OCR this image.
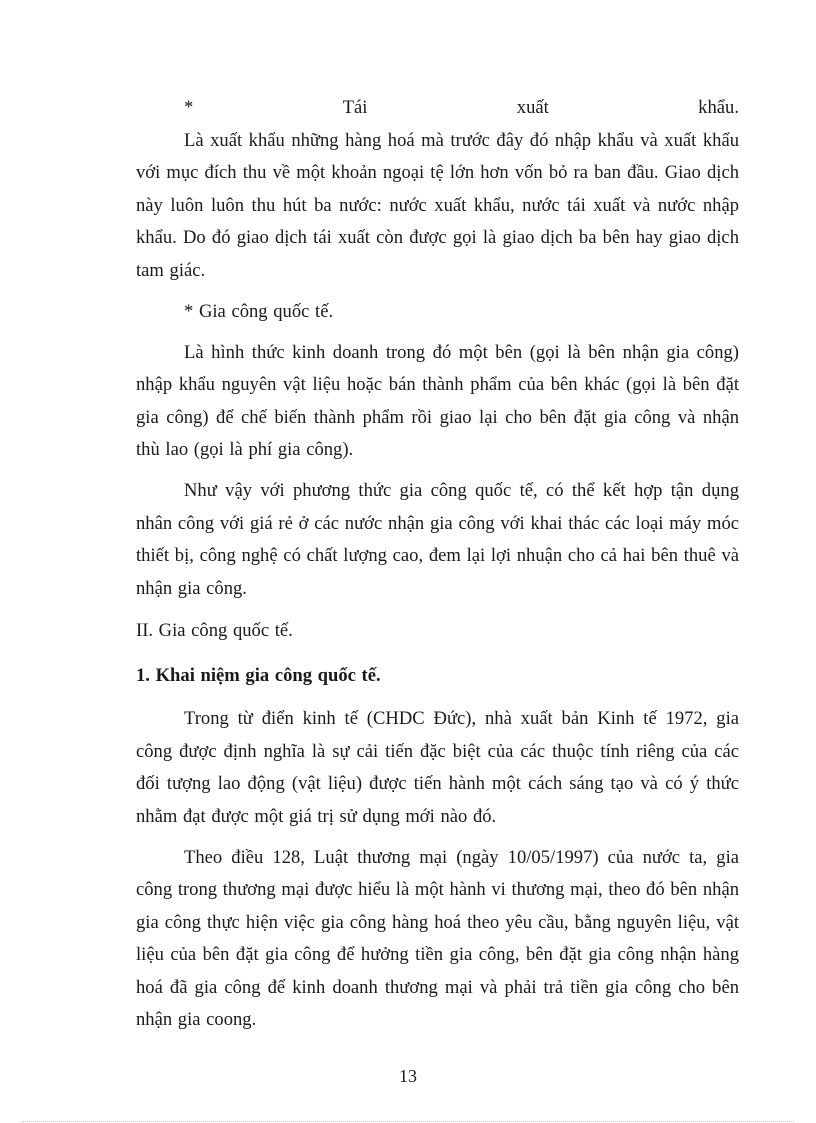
*	Tái	xuất	khẩu.

Là xuất khẩu những hàng hoá mà trước đây đó nhập khẩu và xuất khẩu với mục đích thu về một khoản ngoại tệ lớn hơn vốn bỏ ra ban đầu. Giao dịch này luôn luôn thu hút ba nước: nước xuất khẩu, nước tái xuất và nước nhập khẩu. Do đó giao dịch tái xuất còn được gọi là giao dịch ba bên hay giao dịch tam giác.

* Gia công quốc tế.

Là hình thức kinh doanh trong đó một bên (gọi là bên nhận gia công) nhập khẩu nguyên vật liệu hoặc bán thành phẩm của bên khác (gọi là bên đặt gia công) để chế biến thành phẩm rồi giao lại cho bên đặt gia công và nhận thù lao (gọi là phí gia công).

Như vậy với phương thức gia công quốc tế, có thể kết hợp tận dụng nhân công với giá rẻ ở các nước nhận gia công với khai thác các loại máy móc thiết bị, công nghệ có chất lượng cao, đem lại lợi nhuận cho cả hai bên thuê và nhận gia công.

II. Gia công quốc tế.

1. Khai niệm gia công quốc tế.

Trong từ điển kinh tế (CHDC Đức), nhà xuất bản Kinh tế 1972, gia công được định nghĩa là sự cải tiến đặc biệt của các thuộc tính riêng của các đối tượng lao động (vật liệu) được tiến hành một cách sáng tạo và có ý thức nhằm đạt được một giá trị sử dụng mới nào đó.

Theo điều 128, Luật thương mại (ngày 10/05/1997) của nước ta, gia công trong thương mại được hiểu là một hành vi thương mại, theo đó bên nhận gia công thực hiện việc gia công hàng hoá theo yêu cầu, bằng nguyên liệu, vật liệu của bên đặt gia công để hưởng tiền gia công, bên đặt gia công nhận hàng hoá đã gia công để kinh doanh thương mại và phải trả tiền gia công cho bên nhận gia coong.

13
